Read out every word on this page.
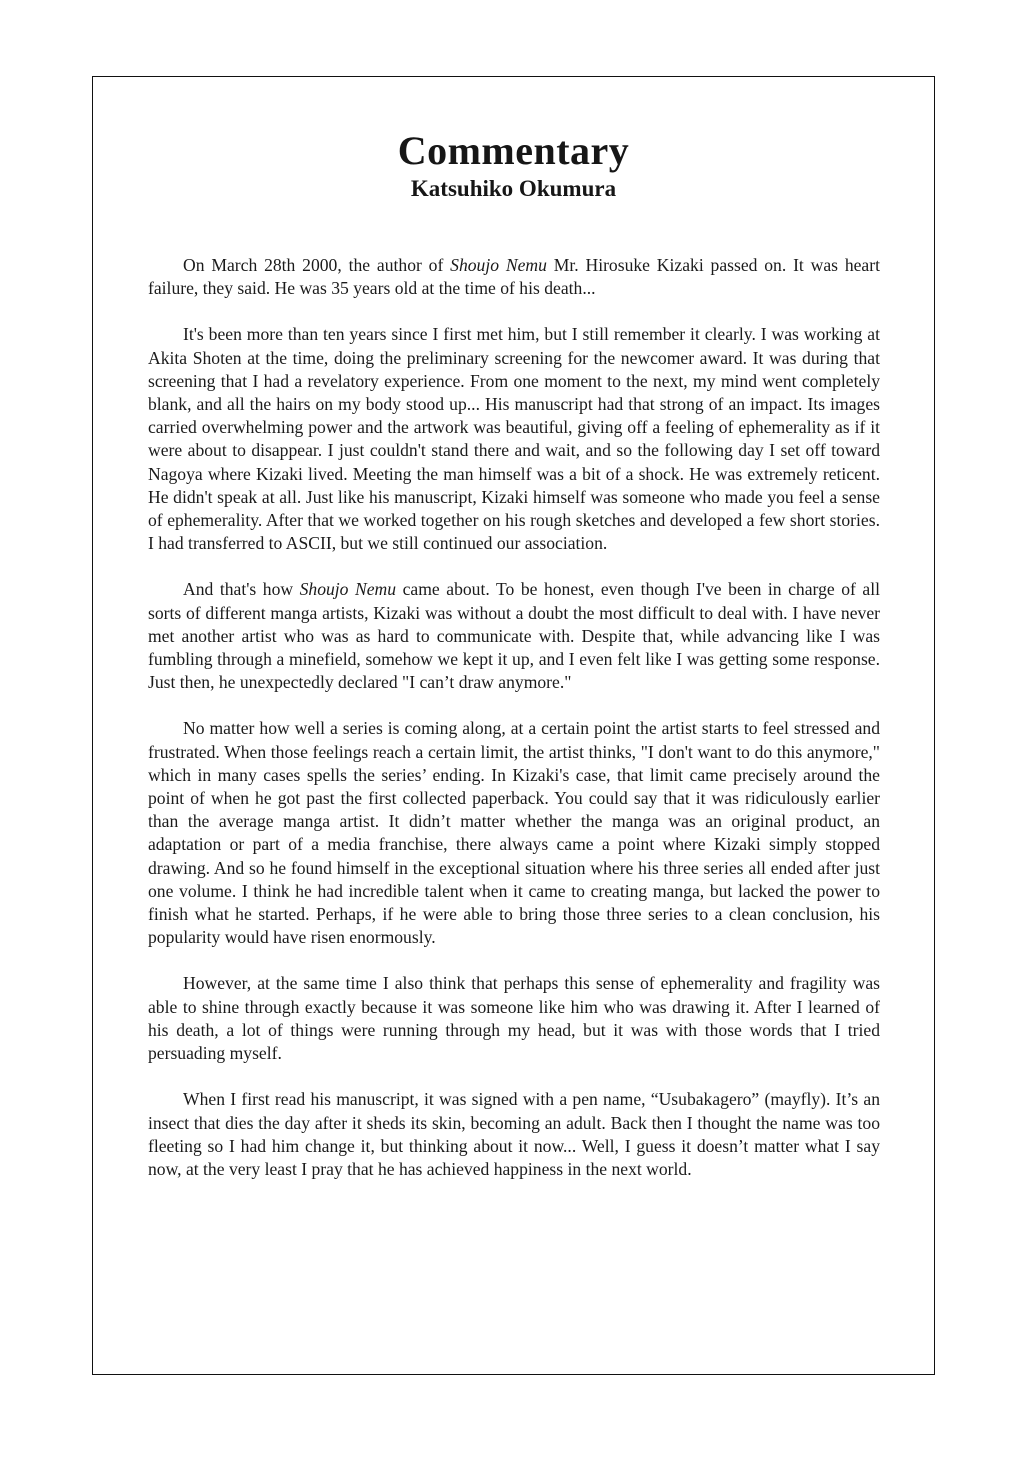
Commentary
Katsuhiko Okumura

On March 28th 2000, the author of Shoujo Nemu Mr. Hirosuke Kizaki passed on. It was heart failure, they said. He was 35 years old at the time of his death...

It's been more than ten years since I first met him, but I still remember it clearly. I was working at Akita Shoten at the time, doing the preliminary screening for the newcomer award. It was during that screening that I had a revelatory experience. From one moment to the next, my mind went completely blank, and all the hairs on my body stood up... His manuscript had that strong of an impact. Its images carried overwhelming power and the artwork was beautiful, giving off a feeling of ephemerality as if it were about to disappear. I just couldn't stand there and wait, and so the following day I set off toward Nagoya where Kizaki lived. Meeting the man himself was a bit of a shock. He was extremely reticent. He didn't speak at all. Just like his manuscript, Kizaki himself was someone who made you feel a sense of ephemerality. After that we worked together on his rough sketches and developed a few short stories. I had transferred to ASCII, but we still continued our association.

And that's how Shoujo Nemu came about. To be honest, even though I've been in charge of all sorts of different manga artists, Kizaki was without a doubt the most difficult to deal with. I have never met another artist who was as hard to communicate with. Despite that, while advancing like I was fumbling through a minefield, somehow we kept it up, and I even felt like I was getting some response. Just then, he unexpectedly declared "I can’t draw anymore."

No matter how well a series is coming along, at a certain point the artist starts to feel stressed and frustrated. When those feelings reach a certain limit, the artist thinks, "I don't want to do this anymore," which in many cases spells the series’ ending. In Kizaki's case, that limit came precisely around the point of when he got past the first collected paperback. You could say that it was ridiculously earlier than the average manga artist. It didn’t matter whether the manga was an original product, an adaptation or part of a media franchise, there always came a point where Kizaki simply stopped drawing. And so he found himself in the exceptional situation where his three series all ended after just one volume. I think he had incredible talent when it came to creating manga, but lacked the power to finish what he started. Perhaps, if he were able to bring those three series to a clean conclusion, his popularity would have risen enormously.

However, at the same time I also think that perhaps this sense of ephemerality and fragility was able to shine through exactly because it was someone like him who was drawing it. After I learned of his death, a lot of things were running through my head, but it was with those words that I tried persuading myself.

When I first read his manuscript, it was signed with a pen name, “Usubakagero” (mayfly). It’s an insect that dies the day after it sheds its skin, becoming an adult. Back then I thought the name was too fleeting so I had him change it, but thinking about it now... Well, I guess it doesn’t matter what I say now, at the very least I pray that he has achieved happiness in the next world.
